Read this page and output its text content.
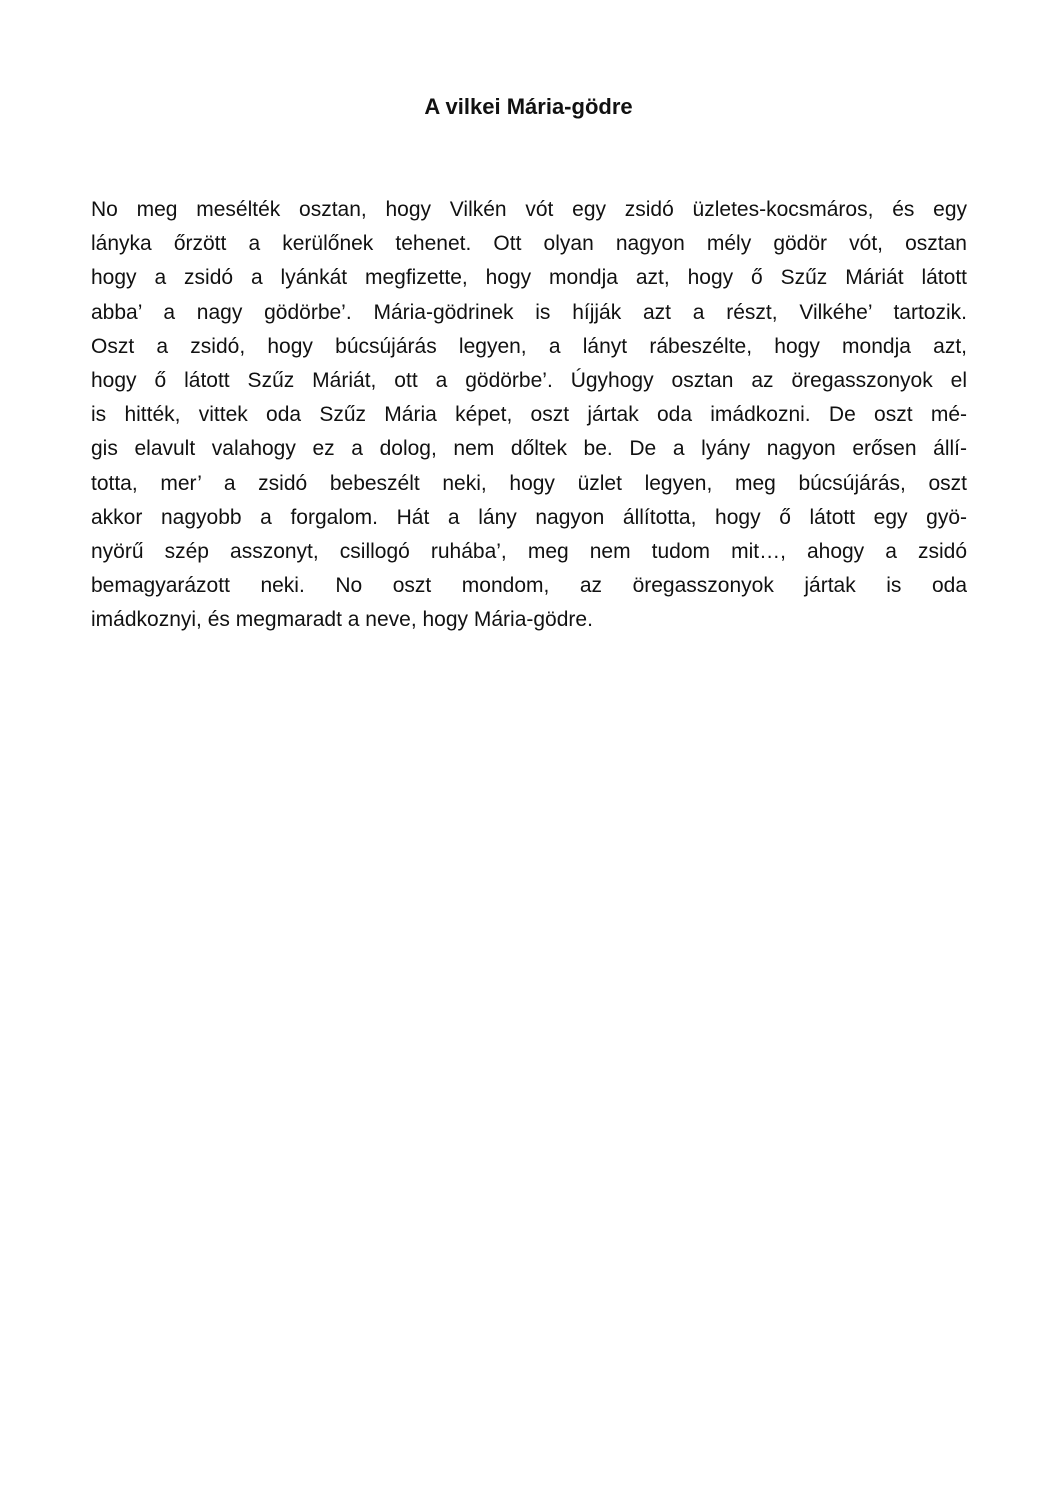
A vilkei Mária-gödre
No meg mesélték osztan, hogy Vilkén vót egy zsidó üzletes-kocsmáros, és egy
lányka őrzött a kerülőnek tehenet. Ott olyan nagyon mély gödör vót, osztan
hogy a zsidó a lyánkát megfizette, hogy mondja azt, hogy ő Szűz Máriát látott
abba’ a nagy gödörbe’. Mária-gödrinek is híjják azt a részt, Vilkéhe’ tartozik.
Oszt a zsidó, hogy búcsújárás legyen, a lányt rábeszélte, hogy mondja azt,
hogy ő látott Szűz Máriát, ott a gödörbe’. Úgyhogy osztan az öregasszonyok el
is hitték, vittek oda Szűz Mária képet, oszt jártak oda imádkozni. De oszt mé-
gis elavult valahogy ez a dolog, nem dőltek be. De a lyány nagyon erősen állí-
totta, mer’ a zsidó bebeszélt neki, hogy üzlet legyen, meg búcsújárás, oszt
akkor nagyobb a forgalom. Hát a lány nagyon állította, hogy ő látott egy gyö-
nyörű szép asszonyt, csillogó ruhába’, meg nem tudom mit…, ahogy a zsidó
bemagyarázott neki. No oszt mondom, az öregasszonyok jártak is oda
imádkoznyi, és megmaradt a neve, hogy Mária-gödre.
